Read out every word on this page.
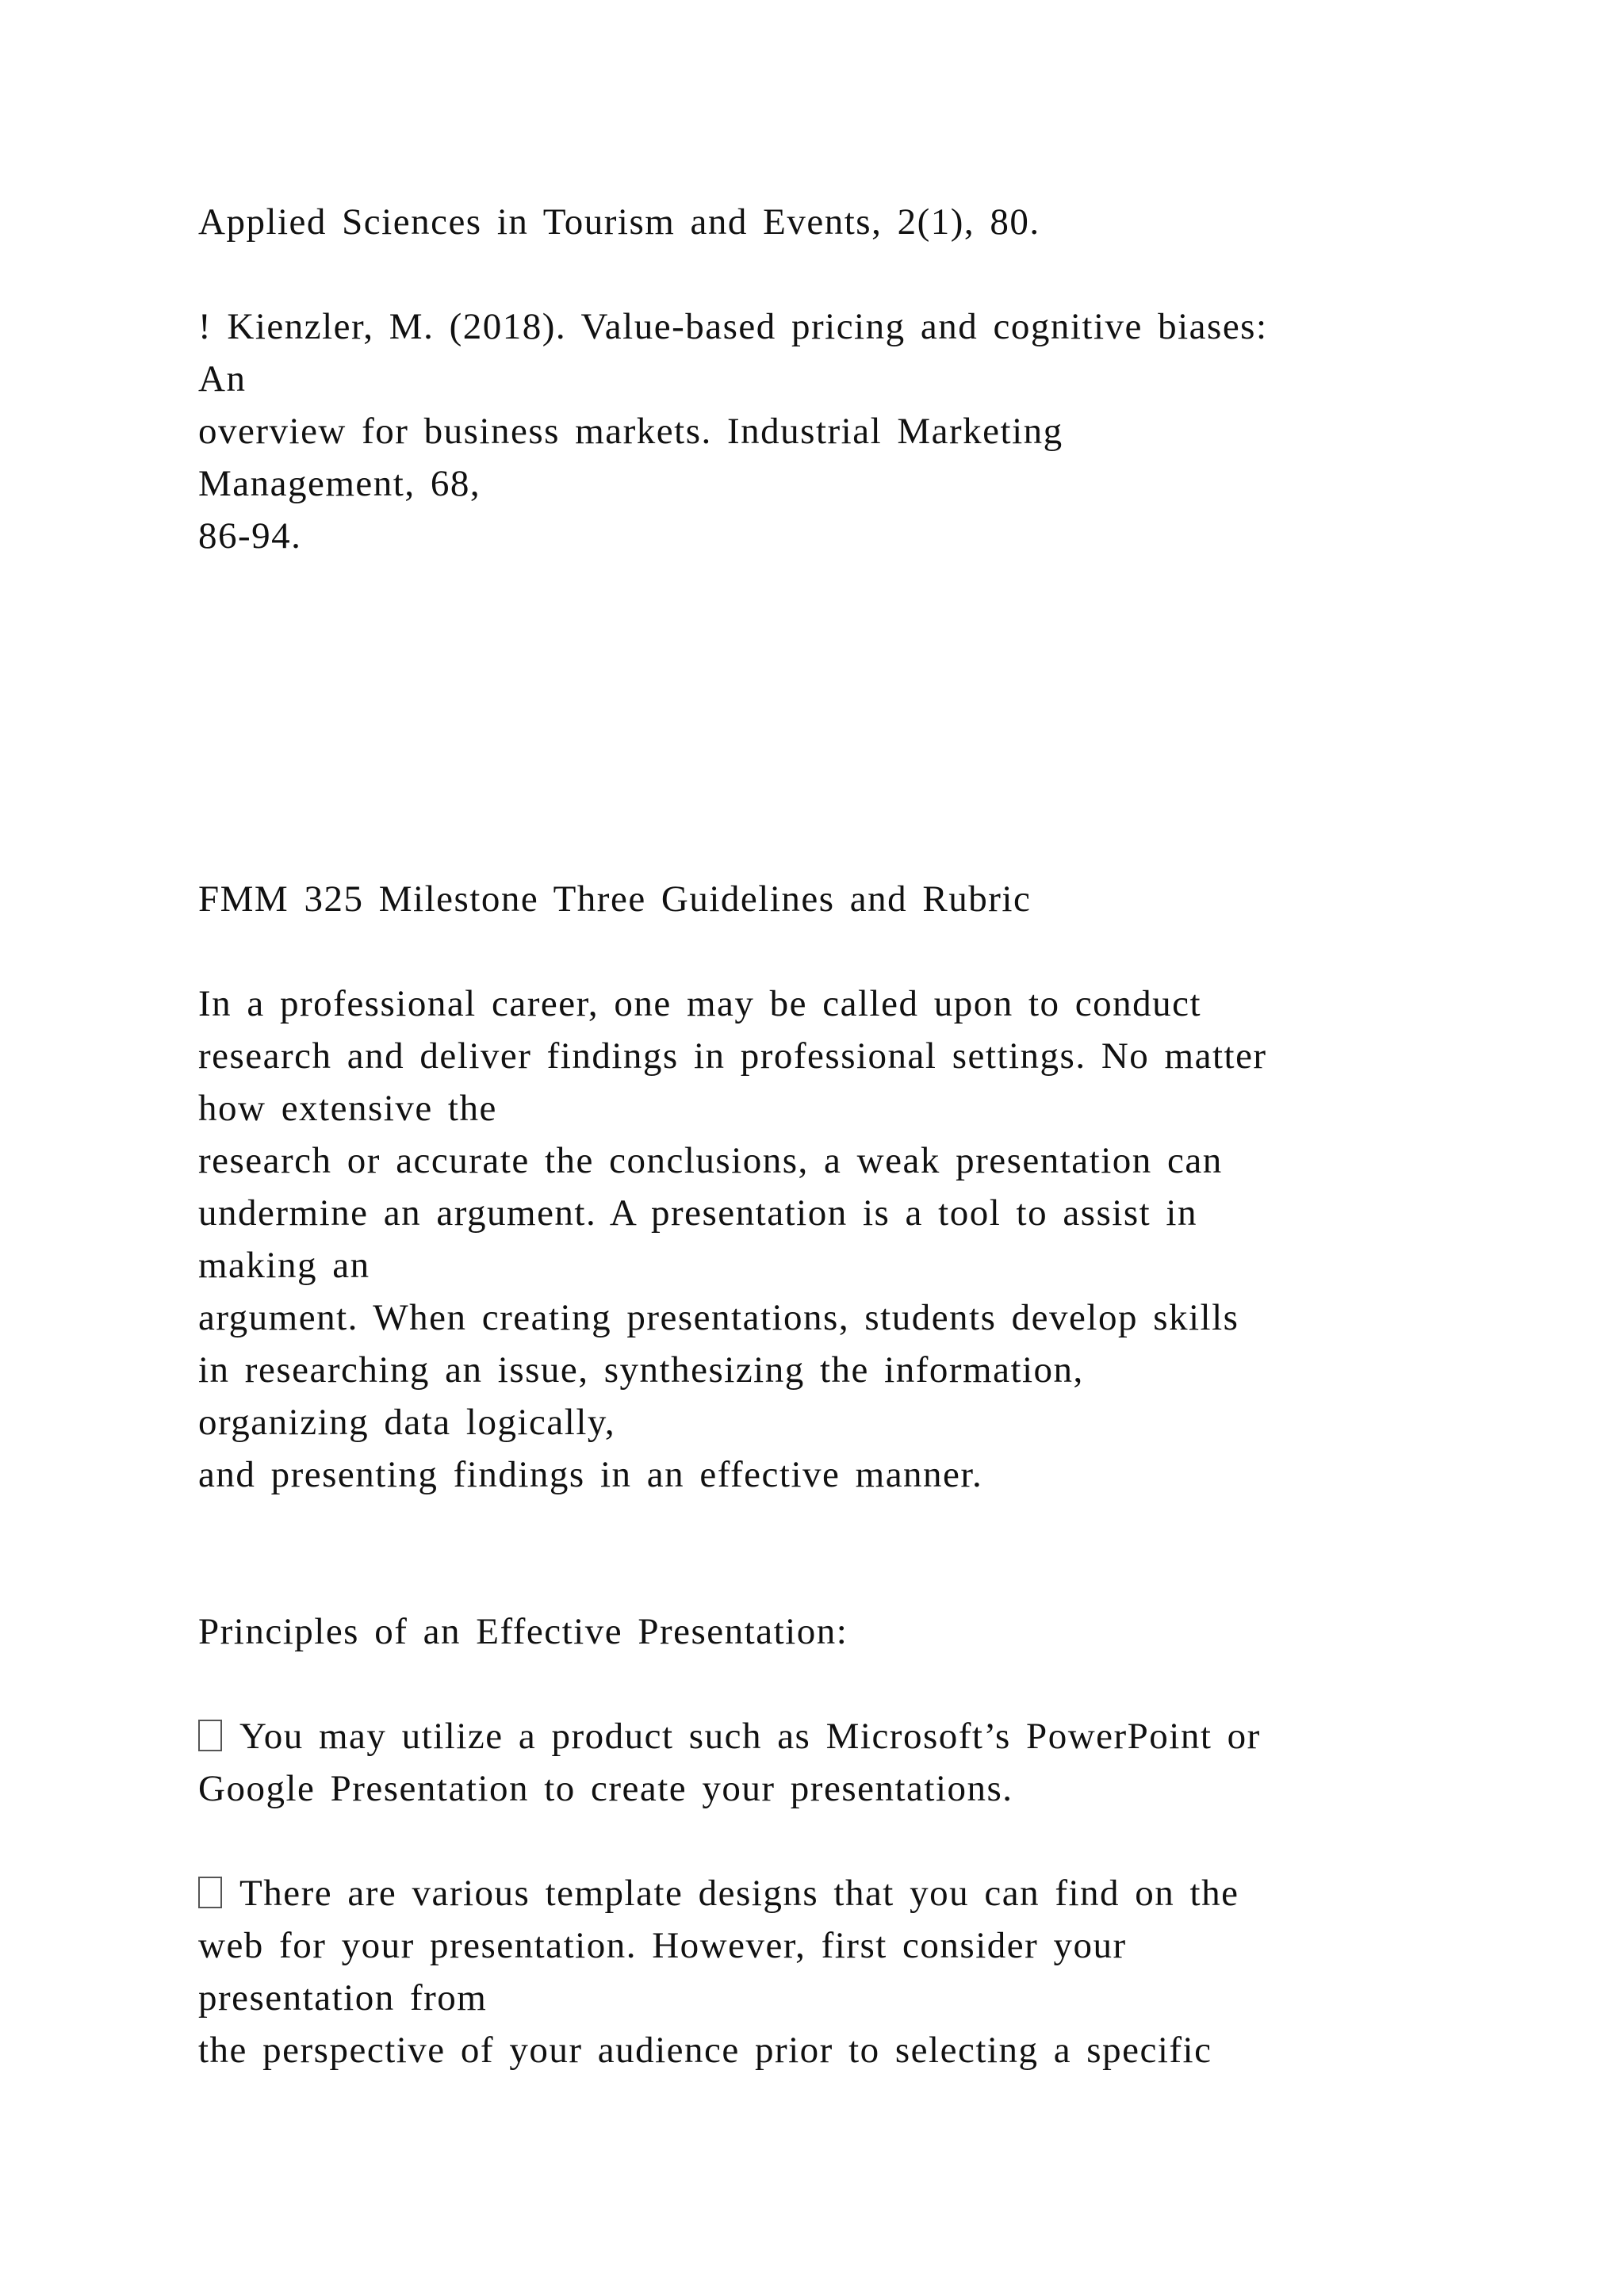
Applied Sciences in Tourism and Events, 2(1), 80.

! Kienzler, M. (2018). Value-based pricing and cognitive biases:

An

overview for business markets. Industrial Marketing

Management, 68,

86-94.

FMM 325 Milestone Three Guidelines and Rubric

In a professional career, one may be called upon to conduct

research and deliver findings in professional settings. No matter

how extensive the

research or accurate the conclusions, a weak presentation can

undermine an argument. A presentation is a tool to assist in

making an

argument. When creating presentations, students develop skills

in researching an issue, synthesizing the information,

organizing data logically,

and presenting findings in an effective manner.

Principles of an Effective Presentation:

You may utilize a product such as Microsoft’s PowerPoint or

Google Presentation to create your presentations.

There are various template designs that you can find on the

web for your presentation. However, first consider your

presentation from

the perspective of your audience prior to selecting a specific
